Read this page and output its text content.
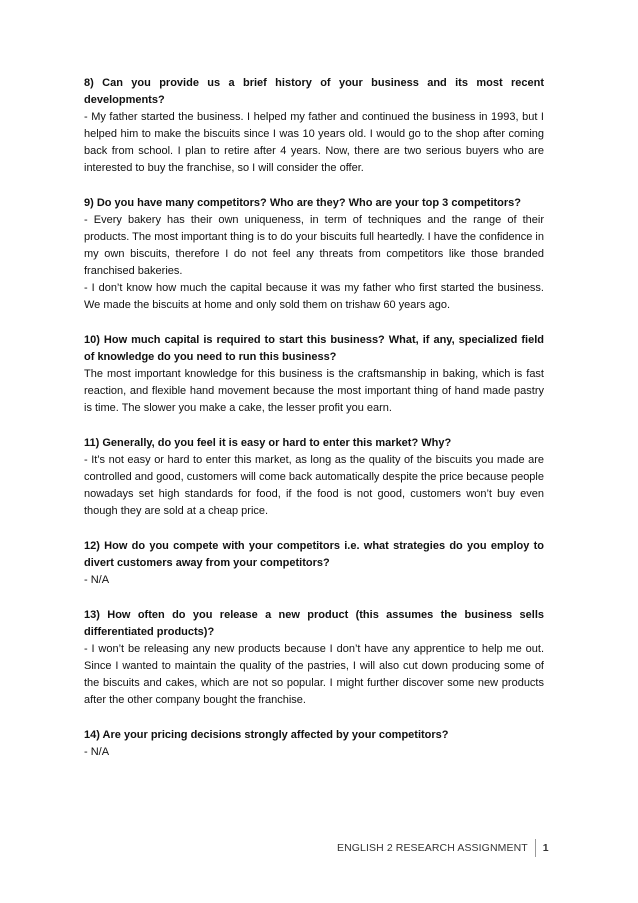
8) Can you provide us a brief history of your business and its most recent developments?

- My father started the business. I helped my father and continued the business in 1993, but I helped him to make the biscuits since I was 10 years old. I would go to the shop after coming back from school. I plan to retire after 4 years. Now, there are two serious buyers who are interested to buy the franchise, so I will consider the offer.

9) Do you have many competitors? Who are they? Who are your top 3 competitors?

- Every bakery has their own uniqueness, in term of techniques and the range of their products. The most important thing is to do your biscuits full heartedly. I have the confidence in my own biscuits, therefore I do not feel any threats from competitors like those branded franchised bakeries.

- I don’t know how much the capital because it was my father who first started the business. We made the biscuits at home and only sold them on trishaw 60 years ago.

10) How much capital is required to start this business? What, if any, specialized field of knowledge do you need to run this business?

The most important knowledge for this business is the craftsmanship in baking, which is fast reaction, and flexible hand movement because the most important thing of hand made pastry is time. The slower you make a cake, the lesser profit you earn.

11) Generally, do you feel it is easy or hard to enter this market? Why?

- It’s not easy or hard to enter this market, as long as the quality of the biscuits you made are controlled and good, customers will come back automatically despite the price because people nowadays set high standards for food, if the food is not good, customers won’t buy even though they are sold at a cheap price.

12) How do you compete with your competitors i.e. what strategies do you employ to divert customers away from your competitors?

- N/A

13) How often do you release a new product (this assumes the business sells differentiated products)?

- I won’t be releasing any new products because I don’t have any apprentice to help me out. Since I wanted to maintain the quality of the pastries, I will also cut down producing some of the biscuits and cakes, which are not so popular. I might further discover some new products after the other company bought the franchise.

14) Are your pricing decisions strongly affected by your competitors?

- N/A

ENGLISH 2 RESEARCH ASSIGNMENT 1
